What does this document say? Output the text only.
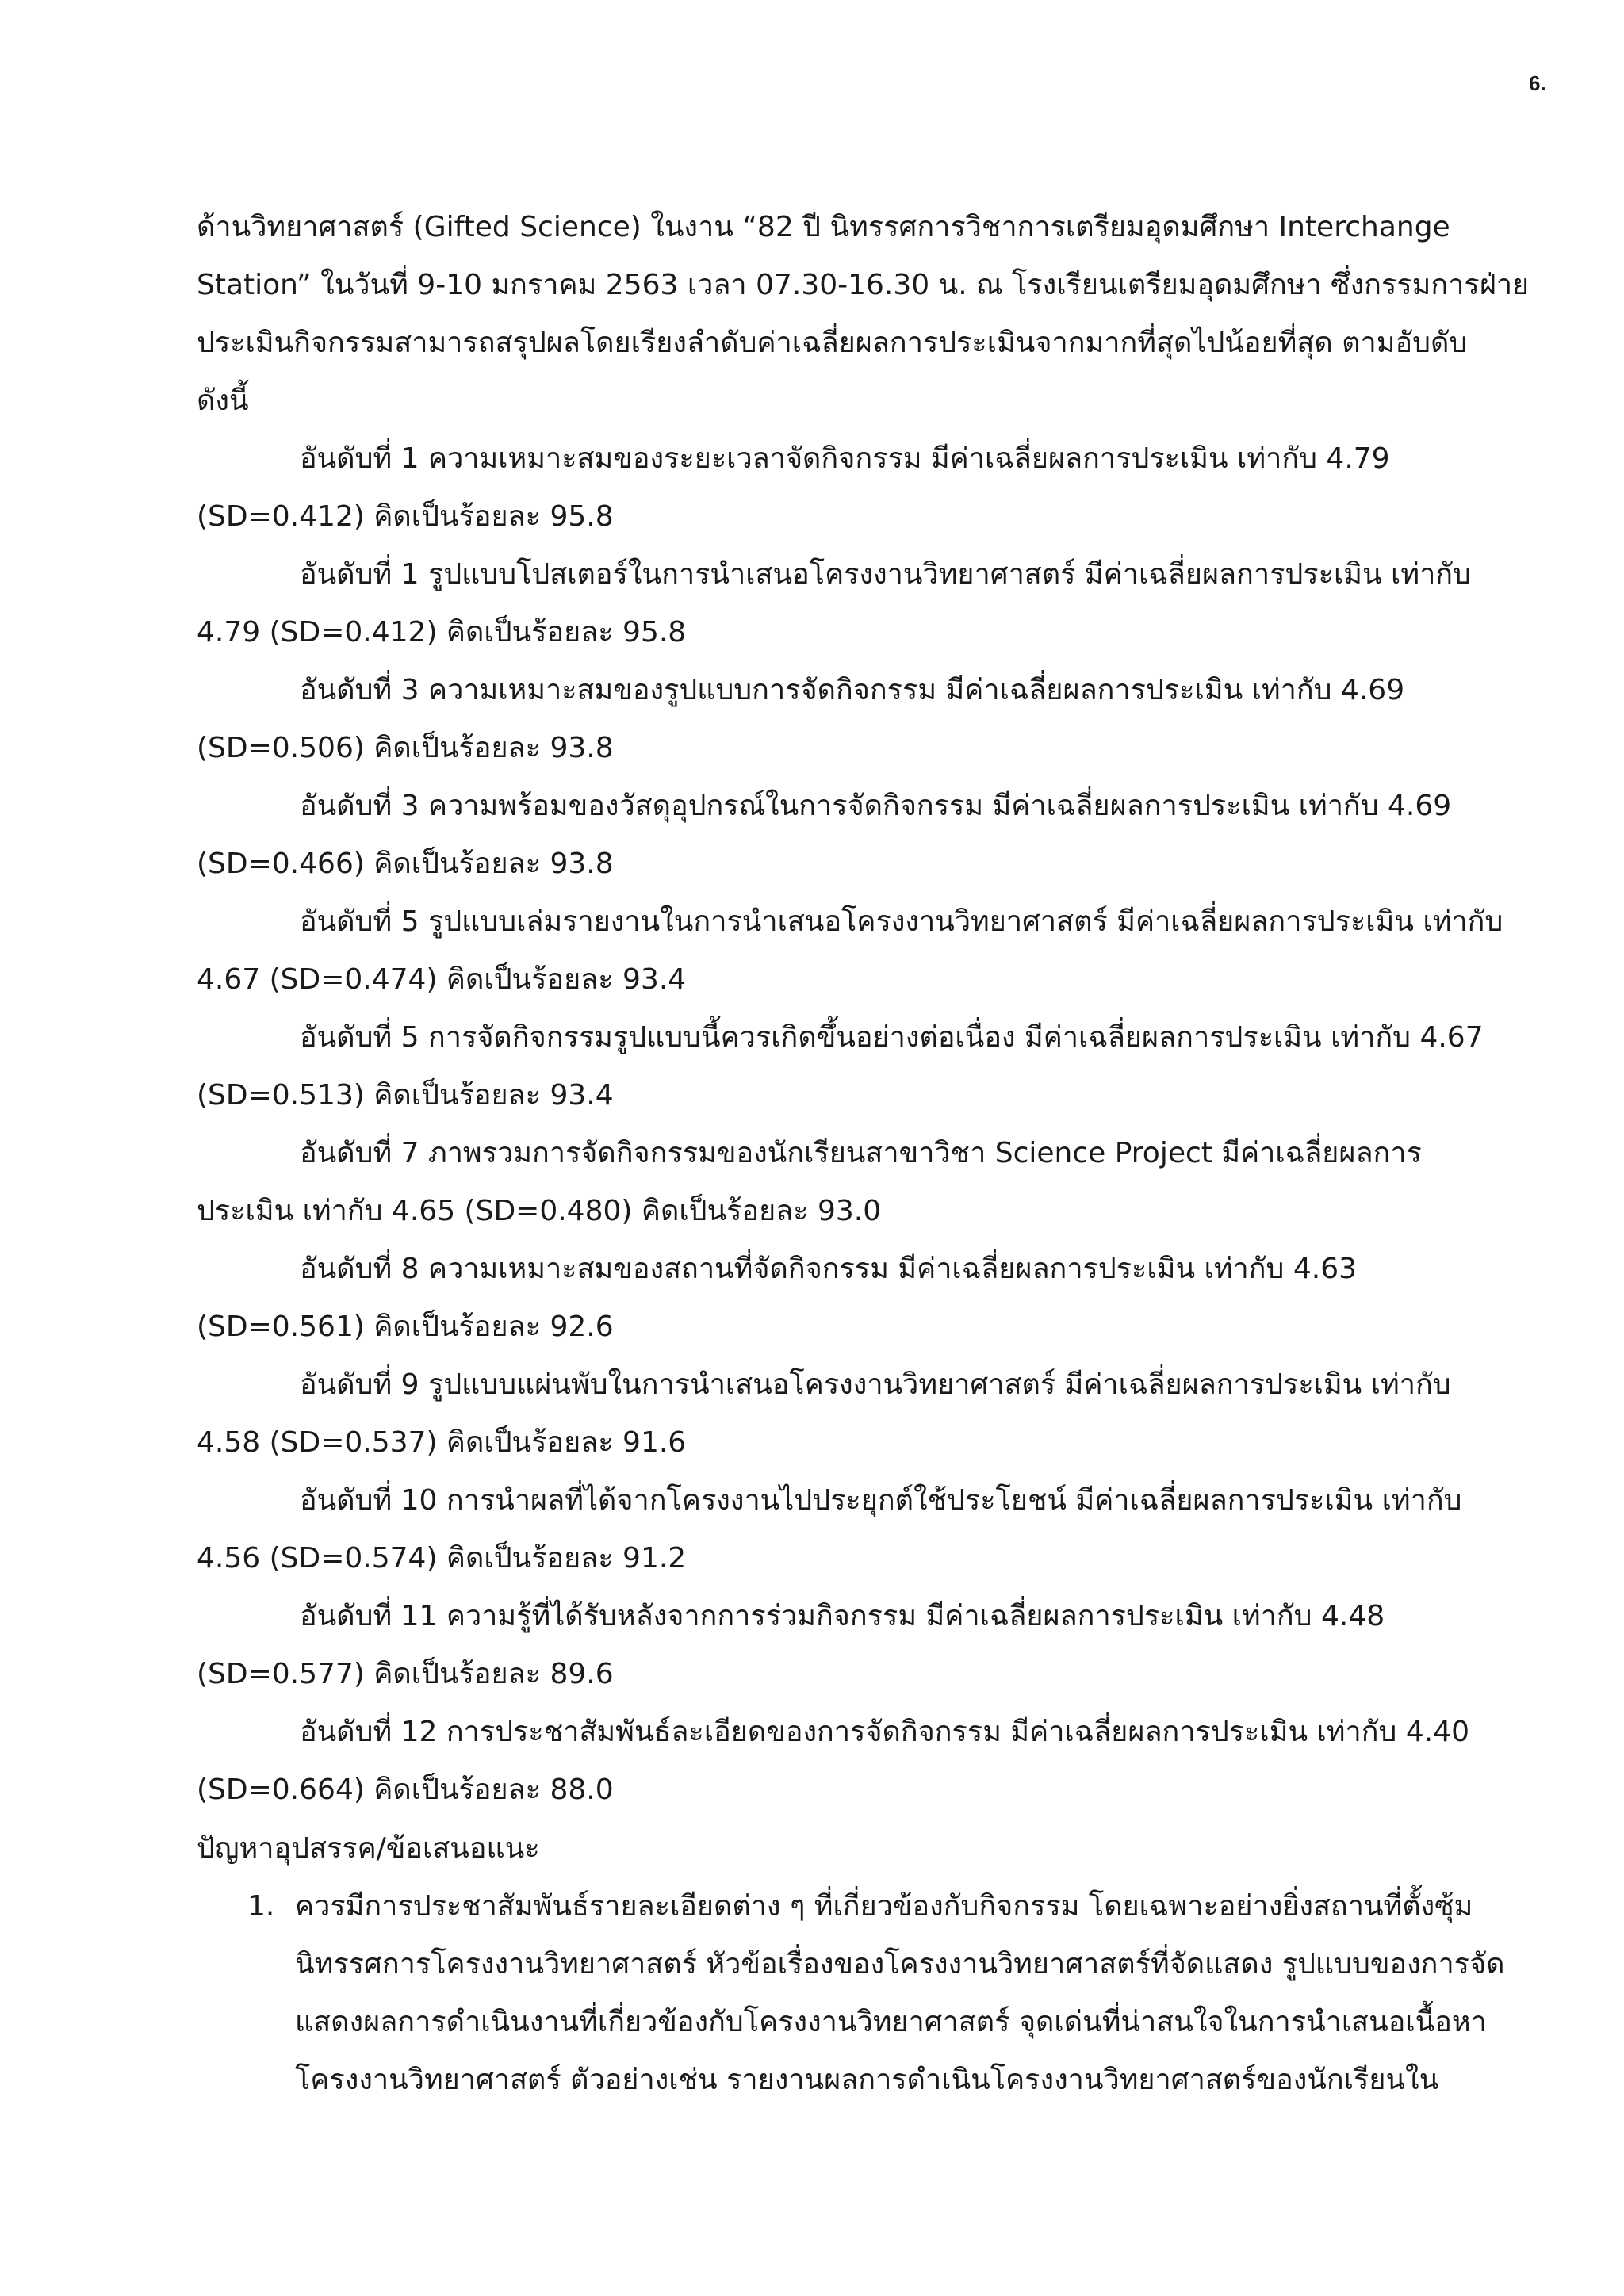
6.
ด้านวิทยาศาสตร์ (Gifted Science) ในงาน “82 ปี นิทรรศการวิชาการเตรียมอุดมศึกษา Interchange
Station” ในวันที่ 9-10 มกราคม 2563 เวลา 07.30-16.30 น. ณ โรงเรียนเตรียมอุดมศึกษา ซึ่งกรรมการฝ่าย
ประเมินกิจกรรมสามารถสรุปผลโดยเรียงลำดับค่าเฉลี่ยผลการประเมินจากมากที่สุดไปน้อยที่สุด ตามอับดับ
ดังนี้
อันดับที่ 1 ความเหมาะสมของระยะเวลาจัดกิจกรรม มีค่าเฉลี่ยผลการประเมิน เท่ากับ 4.79
(SD=0.412) คิดเป็นร้อยละ 95.8
อันดับที่ 1 รูปแบบโปสเตอร์ในการนำเสนอโครงงานวิทยาศาสตร์ มีค่าเฉลี่ยผลการประเมิน เท่ากับ
4.79 (SD=0.412) คิดเป็นร้อยละ 95.8
อันดับที่ 3 ความเหมาะสมของรูปแบบการจัดกิจกรรม มีค่าเฉลี่ยผลการประเมิน เท่ากับ 4.69
(SD=0.506) คิดเป็นร้อยละ 93.8
อันดับที่ 3 ความพร้อมของวัสดุอุปกรณ์ในการจัดกิจกรรม มีค่าเฉลี่ยผลการประเมิน เท่ากับ 4.69
(SD=0.466) คิดเป็นร้อยละ 93.8
อันดับที่ 5 รูปแบบเล่มรายงานในการนำเสนอโครงงานวิทยาศาสตร์ มีค่าเฉลี่ยผลการประเมิน เท่ากับ
4.67 (SD=0.474) คิดเป็นร้อยละ 93.4
อันดับที่ 5 การจัดกิจกรรมรูปแบบนี้ควรเกิดขึ้นอย่างต่อเนื่อง มีค่าเฉลี่ยผลการประเมิน เท่ากับ 4.67
(SD=0.513) คิดเป็นร้อยละ 93.4
อันดับที่ 7 ภาพรวมการจัดกิจกรรมของนักเรียนสาขาวิชา Science Project มีค่าเฉลี่ยผลการ
ประเมิน เท่ากับ 4.65 (SD=0.480) คิดเป็นร้อยละ 93.0
อันดับที่ 8 ความเหมาะสมของสถานที่จัดกิจกรรม มีค่าเฉลี่ยผลการประเมิน เท่ากับ 4.63
(SD=0.561) คิดเป็นร้อยละ 92.6
อันดับที่ 9 รูปแบบแผ่นพับในการนำเสนอโครงงานวิทยาศาสตร์ มีค่าเฉลี่ยผลการประเมิน เท่ากับ
4.58 (SD=0.537) คิดเป็นร้อยละ 91.6
อันดับที่ 10 การนำผลที่ได้จากโครงงานไปประยุกต์ใช้ประโยชน์ มีค่าเฉลี่ยผลการประเมิน เท่ากับ
4.56 (SD=0.574) คิดเป็นร้อยละ 91.2
อันดับที่ 11 ความรู้ที่ได้รับหลังจากการร่วมกิจกรรม มีค่าเฉลี่ยผลการประเมิน เท่ากับ 4.48
(SD=0.577) คิดเป็นร้อยละ 89.6
อันดับที่ 12 การประชาสัมพันธ์ละเอียดของการจัดกิจกรรม มีค่าเฉลี่ยผลการประเมิน เท่ากับ 4.40
(SD=0.664) คิดเป็นร้อยละ 88.0
ปัญหาอุปสรรค/ข้อเสนอแนะ
1. ควรมีการประชาสัมพันธ์รายละเอียดต่าง ๆ ที่เกี่ยวข้องกับกิจกรรม โดยเฉพาะอย่างยิ่งสถานที่ตั้งซุ้ม
นิทรรศการโครงงานวิทยาศาสตร์ หัวข้อเรื่องของโครงงานวิทยาศาสตร์ที่จัดแสดง รูปแบบของการจัด
แสดงผลการดำเนินงานที่เกี่ยวข้องกับโครงงานวิทยาศาสตร์ จุดเด่นที่น่าสนใจในการนำเสนอเนื้อหา
โครงงานวิทยาศาสตร์ ตัวอย่างเช่น รายงานผลการดำเนินโครงงานวิทยาศาสตร์ของนักเรียนใน
